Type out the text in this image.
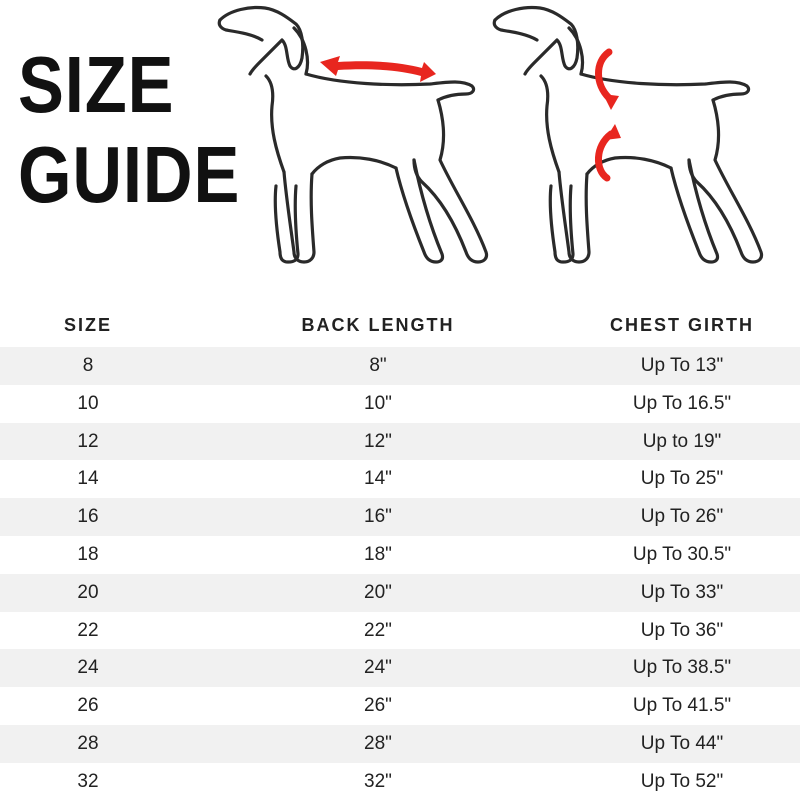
SIZE
GUIDE
SIZE	BACK LENGTH	CHEST GIRTH
8	8"	Up To 13"
10	10"	Up To 16.5"
12	12"	Up to 19"
14	14"	Up To 25"
16	16"	Up To 26"
18	18"	Up To 30.5"
20	20"	Up To 33"
22	22"	Up To 36"
24	24"	Up To 38.5"
26	26"	Up To 41.5"
28	28"	Up To 44"
32	32"	Up To 52"
